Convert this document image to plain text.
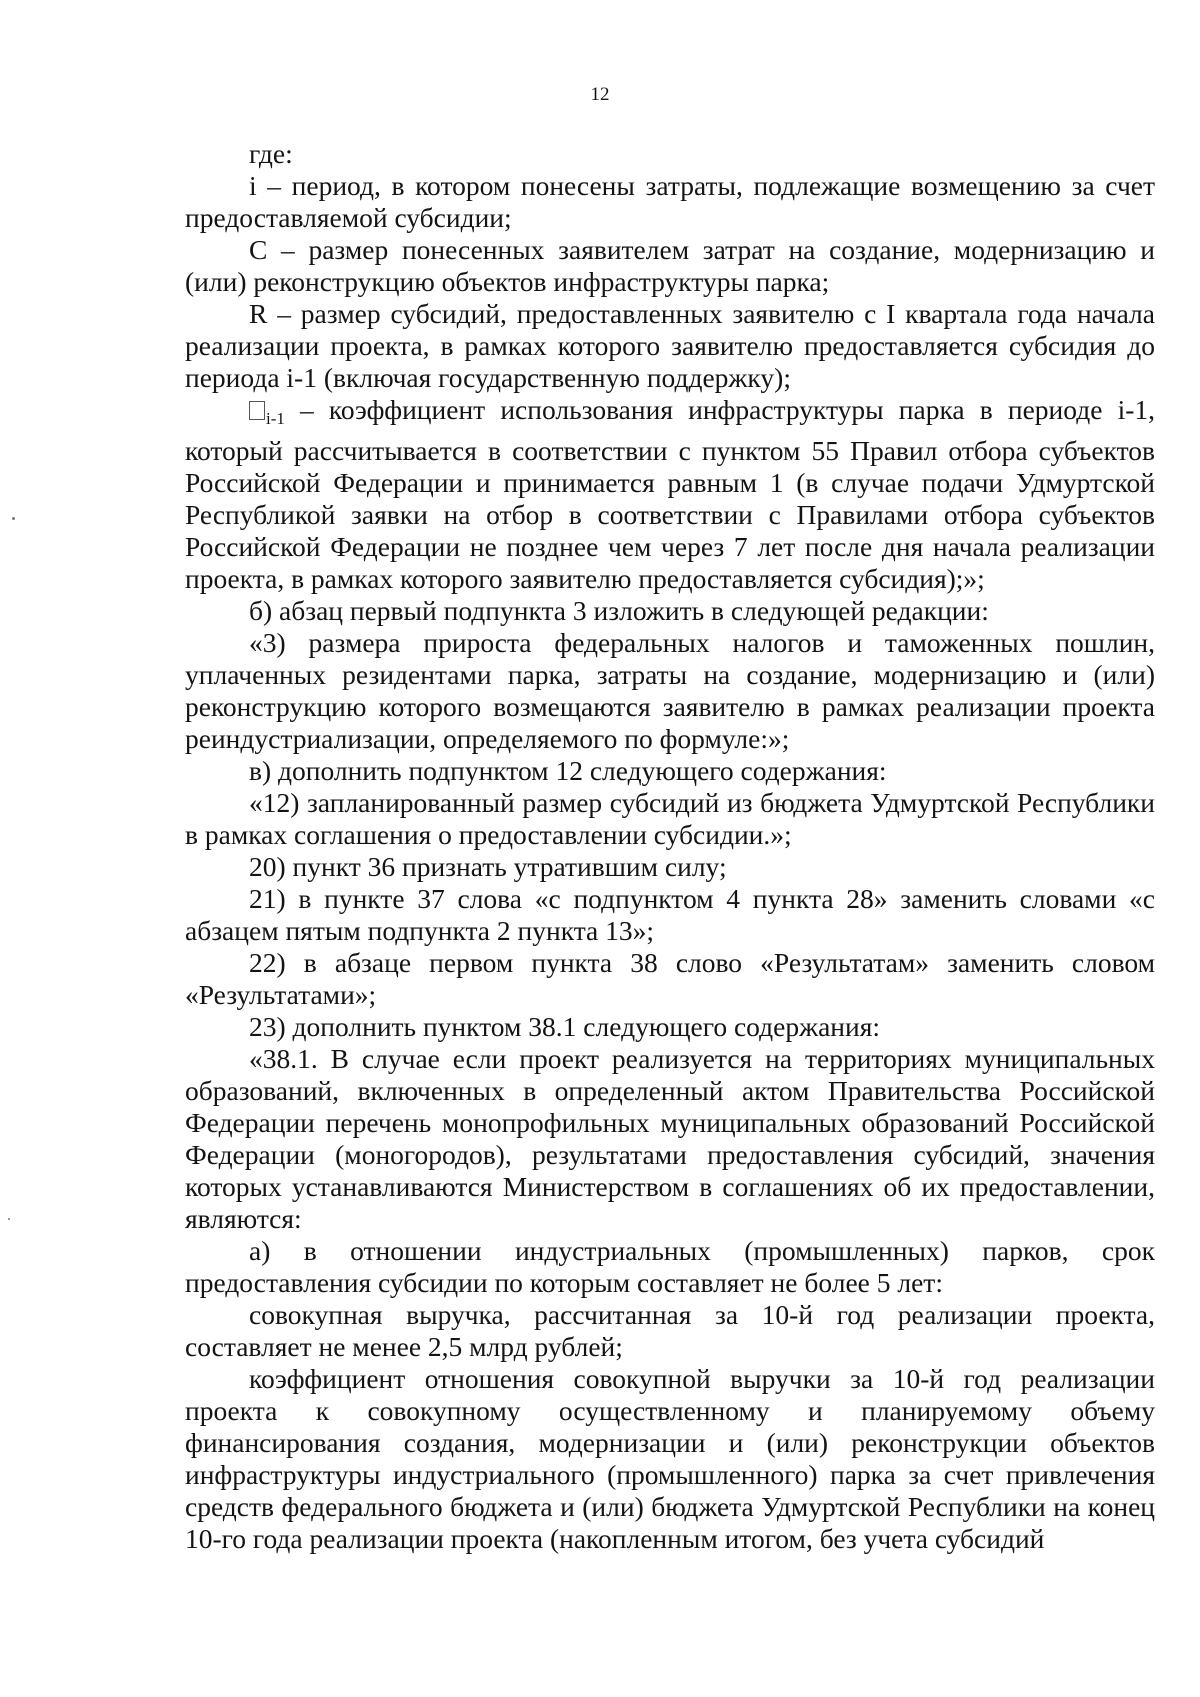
12

где:

i – период, в котором понесены затраты, подлежащие возмещению за счет предоставляемой субсидии;

C – размер понесенных заявителем затрат на создание, модернизацию и (или) реконструкцию объектов инфраструктуры парка;

R – размер субсидий, предоставленных заявителю с I квартала года начала реализации проекта, в рамках которого заявителю предоставляется субсидия до периода i-1 (включая государственную поддержку);

$_{i-1}$ – коэффициент использования инфраструктуры парка в периоде i-1, который рассчитывается в соответствии с пунктом 55 Правил отбора субъектов Российской Федерации и принимается равным 1 (в случае подачи Удмуртской Республикой заявки на отбор в соответствии с Правилами отбора субъектов Российской Федерации не позднее чем через 7 лет после дня начала реализации проекта, в рамках которого заявителю предоставляется субсидия);»;

б) абзац первый подпункта 3 изложить в следующей редакции:

«3) размера прироста федеральных налогов и таможенных пошлин, уплаченных резидентами парка, затраты на создание, модернизацию и (или) реконструкцию которого возмещаются заявителю в рамках реализации проекта реиндустриализации, определяемого по формуле:»;

в) дополнить подпунктом 12 следующего содержания:

«12) запланированный размер субсидий из бюджета Удмуртской Республики в рамках соглашения о предоставлении субсидии.»;

20) пункт 36 признать утратившим силу;

21) в пункте 37 слова «с подпунктом 4 пункта 28» заменить словами «с абзацем пятым подпункта 2 пункта 13»;

22) в абзаце первом пункта 38 слово «Результатам» заменить словом «Результатами»;

23) дополнить пунктом 38.1 следующего содержания:

«38.1. В случае если проект реализуется на территориях муниципальных образований, включенных в определенный актом Правительства Российской Федерации перечень монопрофильных муниципальных образований Российской Федерации (моногородов), результатами предоставления субсидий, значения которых устанавливаются Министерством в соглашениях об их предоставлении, являются:

а) в отношении индустриальных (промышленных) парков, срок предоставления субсидии по которым составляет не более 5 лет:

совокупная выручка, рассчитанная за 10-й год реализации проекта, составляет не менее 2,5 млрд рублей;

коэффициент отношения совокупной выручки за 10-й год реализации проекта к совокупному осуществленному и планируемому объему финансирования создания, модернизации и (или) реконструкции объектов инфраструктуры индустриального (промышленного) парка за счет привлечения средств федерального бюджета и (или) бюджета Удмуртской Республики на конец 10-го года реализации проекта (накопленным итогом, без учета субсидий
